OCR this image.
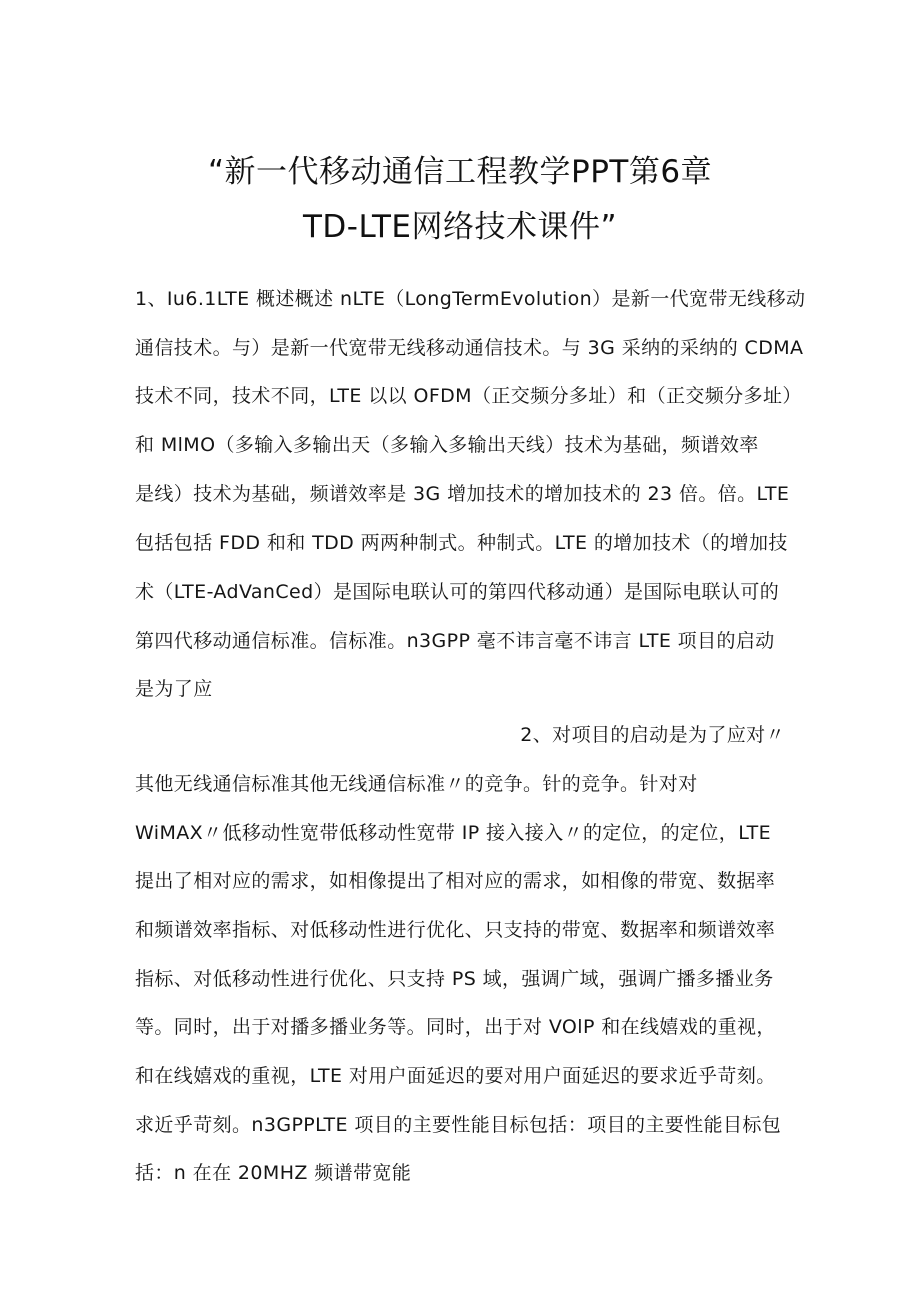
“新一代移动通信工程教学PPT第6章
TD-LTE网络技术课件”
1、Iu6.1LTE 概述概述 nLTE（LongTermEvolution）是新一代宽带无线移动
通信技术。与）是新一代宽带无线移动通信技术。与 3G 采纳的采纳的 CDMA
技术不同，技术不同，LTE 以以 OFDM（正交频分多址）和（正交频分多址）
和 MlMO（多输入多输出天（多输入多输出天线）技术为基础，频谱效率
是线）技术为基础，频谱效率是 3G 增加技术的增加技术的 23 倍。倍。LTE
包括包括 FDD 和和 TDD 两两种制式。种制式。LTE 的增加技术（的增加技
术（LTE-AdVanCed）是国际电联认可的第四代移动通）是国际电联认可的
第四代移动通信标准。信标准。n3GPP 毫不讳言毫不讳言 LTE 项目的启动
是为了应
2、对项目的启动是为了应对〃
其他无线通信标准其他无线通信标准〃的竞争。针的竞争。针对对
WiMAX〃低移动性宽带低移动性宽带 IP 接入接入〃的定位，的定位，LTE
提出了相对应的需求，如相像提出了相对应的需求，如相像的带宽、数据率
和频谱效率指标、对低移动性进行优化、只支持的带宽、数据率和频谱效率
指标、对低移动性进行优化、只支持 PS 域，强调广域，强调广播多播业务
等。同时，出于对播多播业务等。同时，出于对 VOlP 和在线嬉戏的重视，
和在线嬉戏的重视，LTE 对用户面延迟的要对用户面延迟的要求近乎苛刻。
求近乎苛刻。n3GPPLTE 项目的主要性能目标包括：项目的主要性能目标包
括：n 在在 20MHZ 频谱带宽能
